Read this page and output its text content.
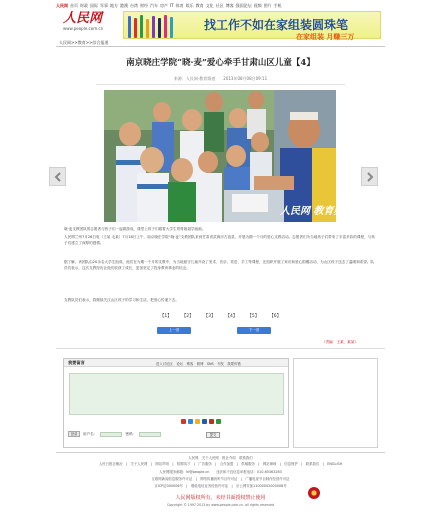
人民网 首页 时政 国际 军事 地方 港澳 台湾 财经 汽车 房产 IT 体育 娱乐 教育 文化 社区 博客 强国论坛 视频 图片 手机
人民网
www.people.com.cn	找工作不如在家组装圆珠笔
在家组装 月赚三万
人民网>>教育>>综合报道
南京晓庄学院“晓·麦”爱心牵手甘肃山区儿童【4】
来源：人民网-教育频道　　2013年08月08日09:11
人民网 教育频道
晓·麦支教团队的志愿者与孩子们一起做游戏，课堂上孩子们跟着大学生哥哥姐姐学画画。
人民网兰州7月26日电（王某 毛某）7月18日上午，南京晓庄学院“晓·麦”支教团队来到甘肃省武威市古浪县，开展为期一个月的爱心支教活动。志愿者们为当地孩子们带来了丰富多彩的课程，与孩子们建立了深厚的感情。
据了解，该团队由20余名大学生组成，他们在为期一个月的支教中，为当地留守儿童开设了美术、音乐、英语、手工等课程，还组织开展了家访和爱心捐赠活动，为山区孩子送去了温暖和希望。队员们表示，这次支教经历让他们收获了成长，更加坚定了投身教育事业的信念。
支教队员们表示，将继续关注山区孩子的学习和生活，把爱心传递下去。
【1】 【2】 【3】 【4】 【5】 【6】
上一页	下一页
（责编：王某、某某）
我要留言	进入讨论区　论坛　博客　微博　SNS　刊发　我要纠错
登录	用户名：	密码：	提交
人民网　关于人民网　报社介绍　联系我们
人民日报社概况　|　关于人民网　|　网站声明　|　招聘英才　|　广告服务　|　合作加盟　|　供稿服务　|　网站律师　|　信息保护　|　联系我们　|　ENGLISH
人民网服务邮箱：kf@people.cn　　违法和不良信息举报电话：010-65363263
互联网新闻信息服务许可证　|　网络传播视听节目许可证　|　广播电视节目制作经营许可证
京ICP证000006号　|　增值电信业务经营许可证　|　京公网安备11000002000008号
人民网版权所有，未经书面授权禁止使用
Copyright © 1997-2013 by www.people.com.cn. all rights reserved
